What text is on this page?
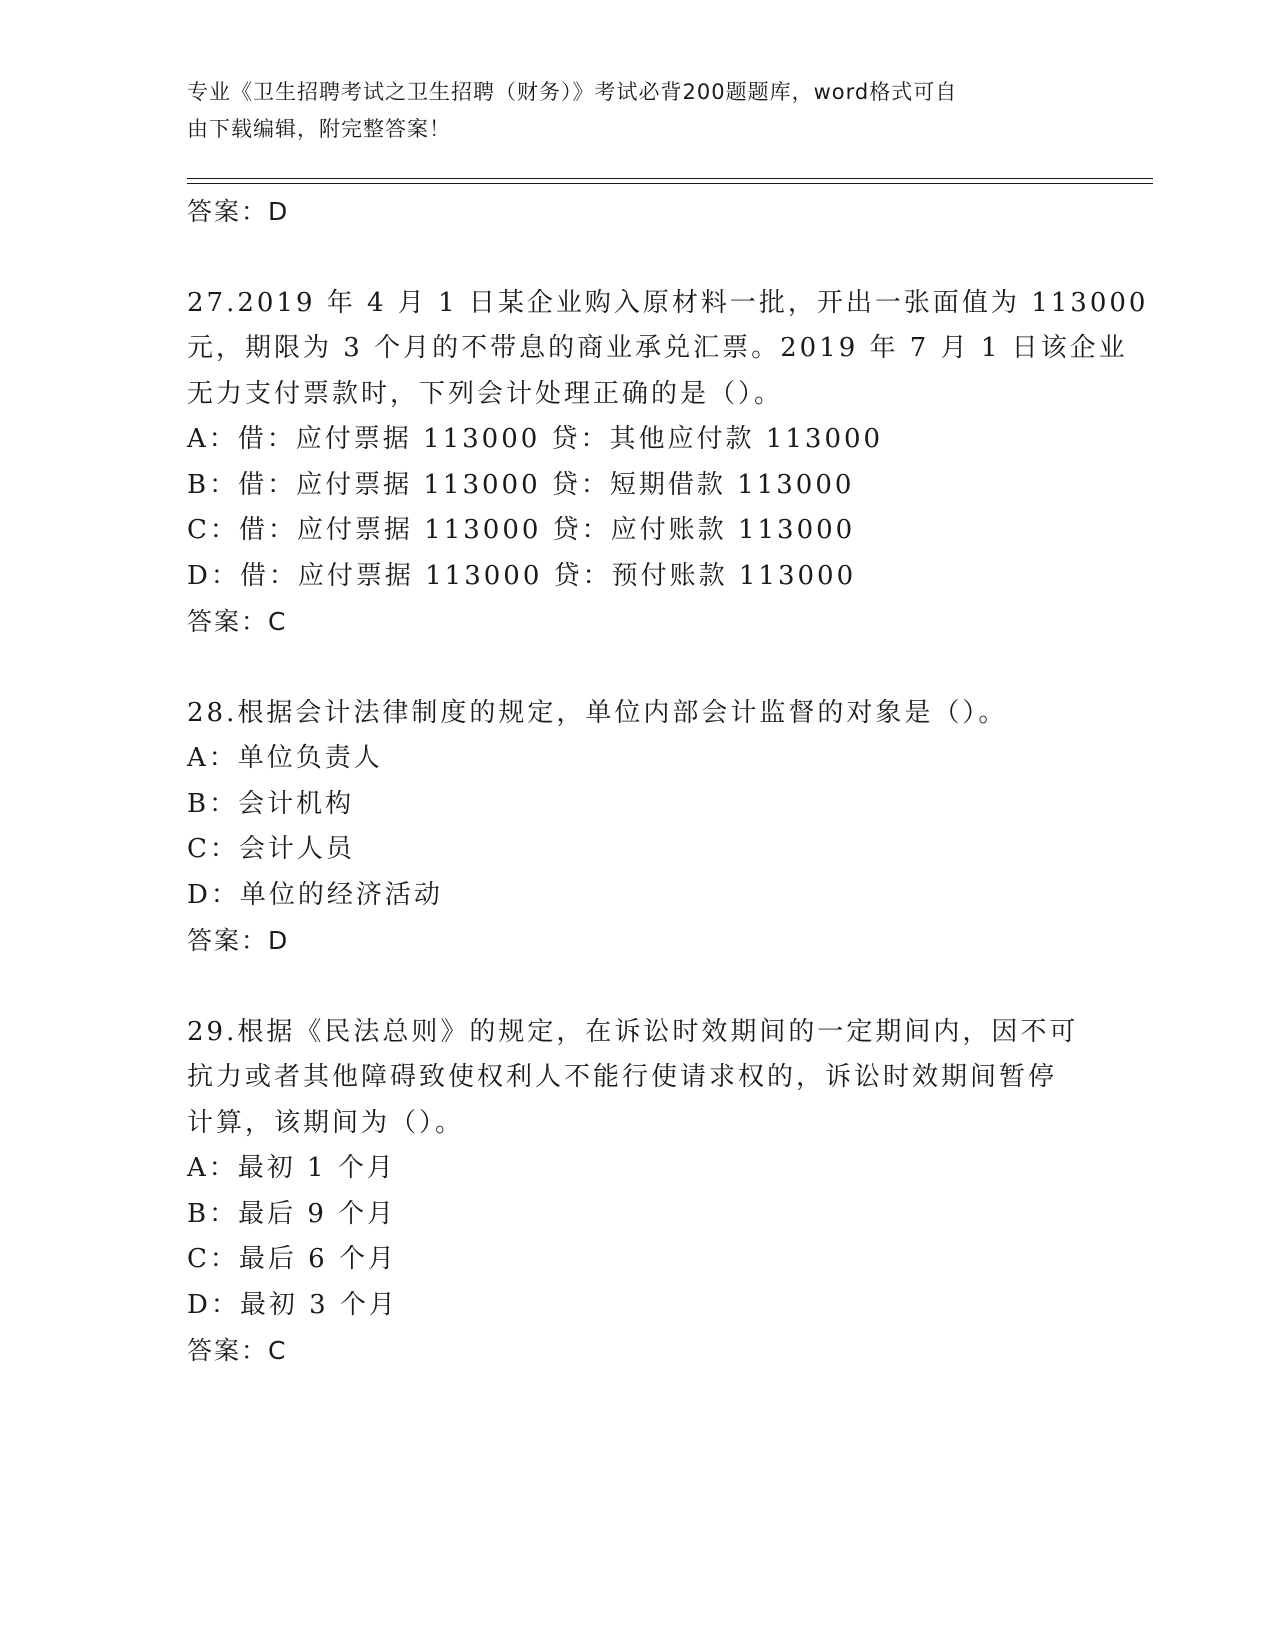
专业《卫生招聘考试之卫生招聘（财务）》考试必背200题题库，word格式可自
由下载编辑，附完整答案！
答案：D
27.2019 年 4 月 1 日某企业购入原材料一批，开出一张面值为 113000
元，期限为 3 个月的不带息的商业承兑汇票。2019 年 7 月 1 日该企业
无力支付票款时，下列会计处理正确的是（）。
A：借：应付票据 113000 贷：其他应付款 113000
B：借：应付票据 113000 贷：短期借款 113000
C：借：应付票据 113000 贷：应付账款 113000
D：借：应付票据 113000 贷：预付账款 113000
答案：C
28.根据会计法律制度的规定，单位内部会计监督的对象是（）。
A：单位负责人
B：会计机构
C：会计人员
D：单位的经济活动
答案：D
29.根据《民法总则》的规定，在诉讼时效期间的一定期间内，因不可
抗力或者其他障碍致使权利人不能行使请求权的，诉讼时效期间暂停
计算，该期间为（）。
A：最初 1 个月
B：最后 9 个月
C：最后 6 个月
D：最初 3 个月
答案：C
